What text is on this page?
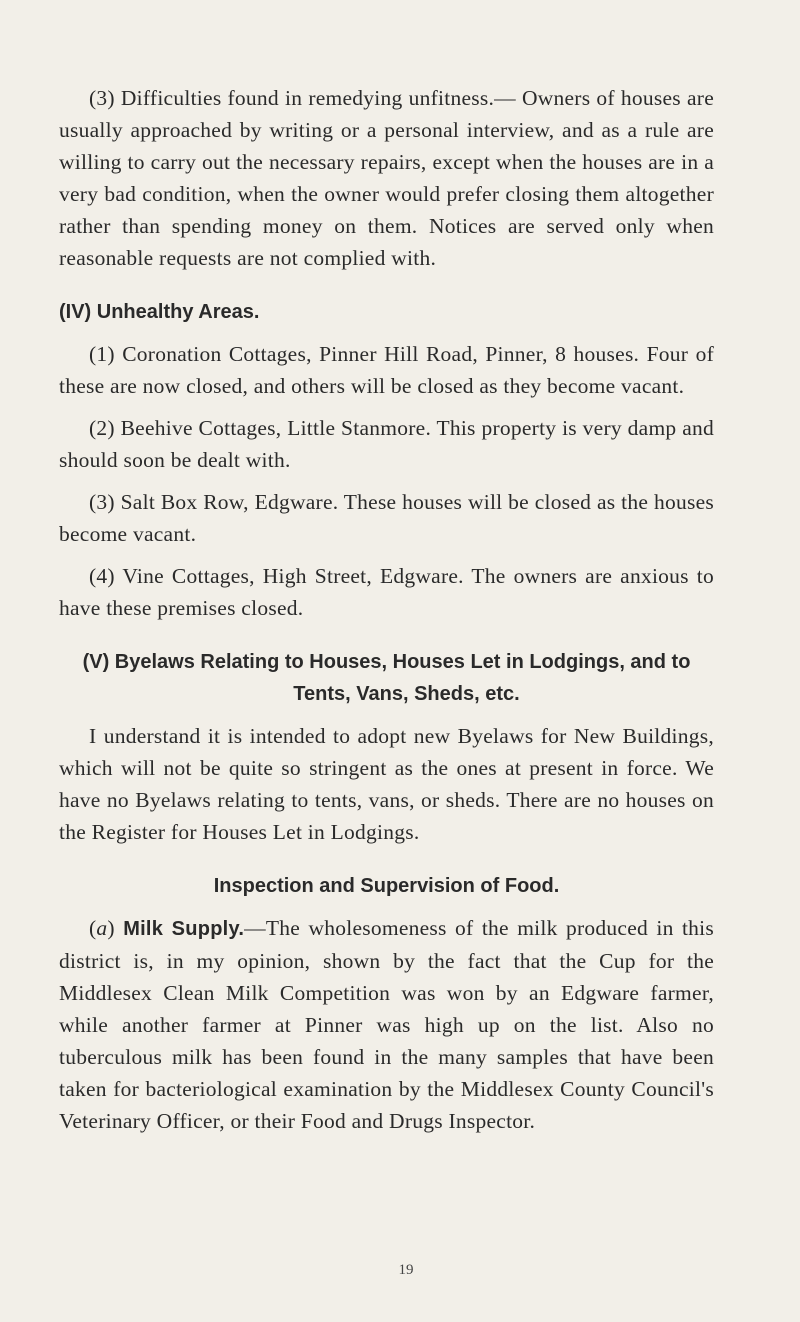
(3) Difficulties found in remedying unfitness.— Owners of houses are usually approached by writing or a personal interview, and as a rule are willing to carry out the necessary repairs, except when the houses are in a very bad condition, when the owner would prefer closing them altogether rather than spending money on them. Notices are served only when reasonable requests are not complied with.

(IV) Unhealthy Areas.

(1) Coronation Cottages, Pinner Hill Road, Pinner, 8 houses. Four of these are now closed, and others will be closed as they become vacant.

(2) Beehive Cottages, Little Stanmore. This property is very damp and should soon be dealt with.

(3) Salt Box Row, Edgware. These houses will be closed as the houses become vacant.

(4) Vine Cottages, High Street, Edgware. The owners are anxious to have these premises closed.

(V) Byelaws Relating to Houses, Houses Let in Lodgings, and to Tents, Vans, Sheds, etc.

I understand it is intended to adopt new Byelaws for New Buildings, which will not be quite so stringent as the ones at present in force. We have no Byelaws relating to tents, vans, or sheds. There are no houses on the Register for Houses Let in Lodgings.

Inspection and Supervision of Food.

(a) Milk Supply.—The wholesomeness of the milk produced in this district is, in my opinion, shown by the fact that the Cup for the Middlesex Clean Milk Competition was won by an Edgware farmer, while another farmer at Pinner was high up on the list. Also no tuberculous milk has been found in the many samples that have been taken for bacteriological examination by the Middlesex County Council's Veterinary Officer, or their Food and Drugs Inspector.

19
